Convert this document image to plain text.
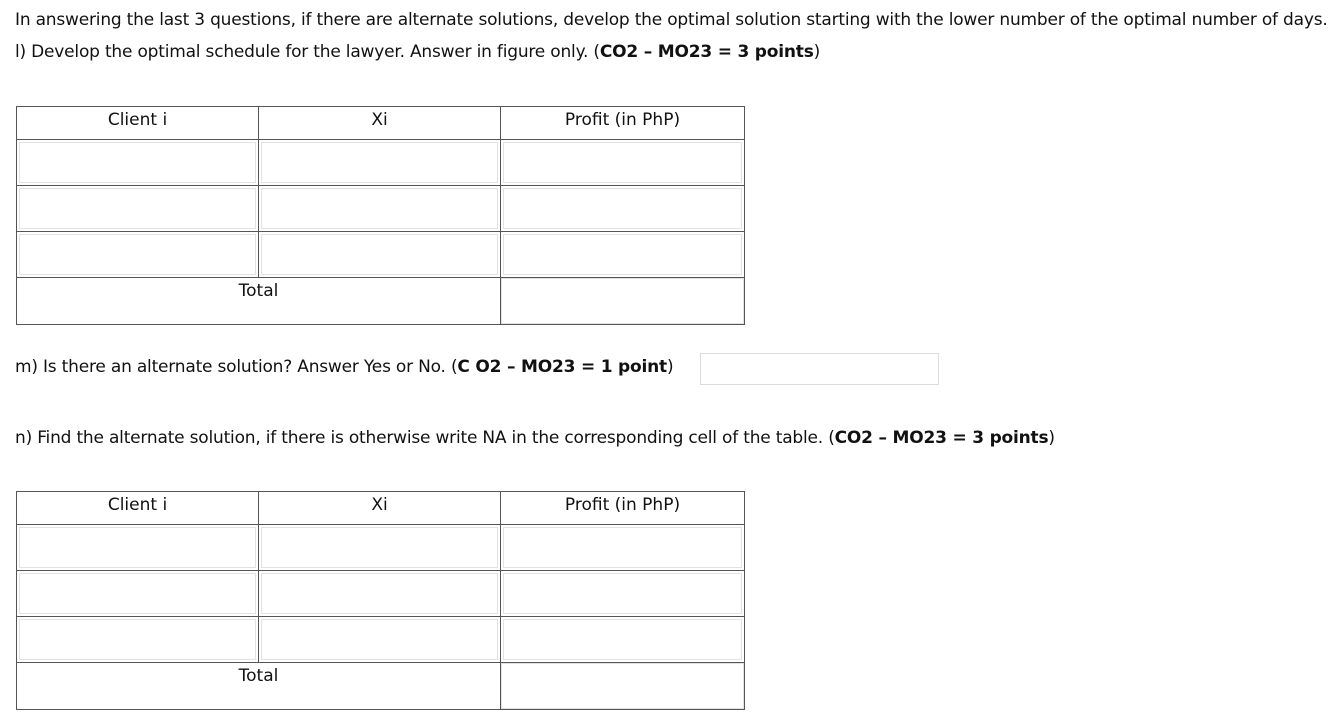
In answering the last 3 questions, if there are alternate solutions, develop the optimal solution starting with the lower number of the optimal number of days.
l) Develop the optimal schedule for the lawyer. Answer in figure only. (CO2 – MO23 = 3 points)
Client i	Xi	Profit (in PhP)

Total		
m) Is there an alternate solution? Answer Yes or No. (C O2 – MO23 = 1 point)
n) Find the alternate solution, if there is otherwise write NA in the corresponding cell of the table. (CO2 – MO23 = 3 points)
Client i	Xi	Profit (in PhP)

Total		
